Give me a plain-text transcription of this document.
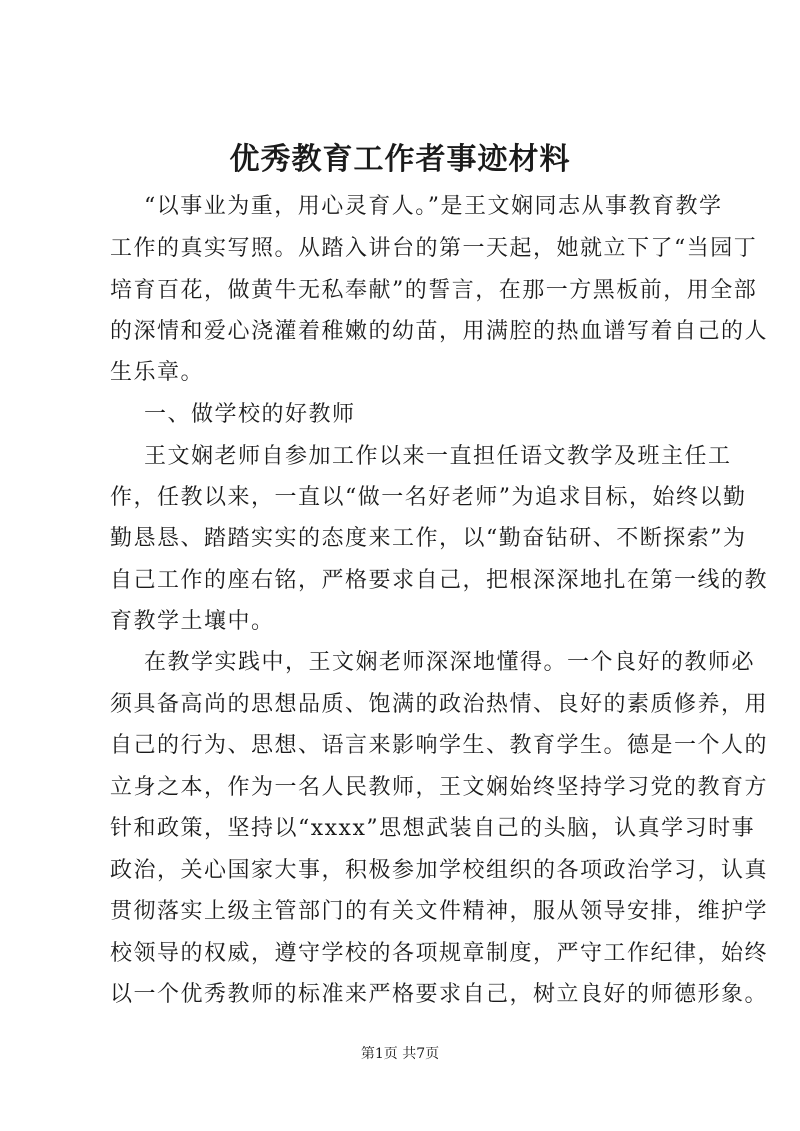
优秀教育工作者事迹材料
“以事业为重，用心灵育人。”是王文娴同志从事教育教学
工作的真实写照。从踏入讲台的第一天起，她就立下了“当园丁
培育百花，做黄牛无私奉献”的誓言，在那一方黑板前，用全部
的深情和爱心浇灌着稚嫩的幼苗，用满腔的热血谱写着自己的人
生乐章。
一、做学校的好教师
王文娴老师自参加工作以来一直担任语文教学及班主任工
作，任教以来，一直以“做一名好老师”为追求目标，始终以勤
勤恳恳、踏踏实实的态度来工作，以“勤奋钻研、不断探索”为
自己工作的座右铭，严格要求自己，把根深深地扎在第一线的教
育教学土壤中。
在教学实践中，王文娴老师深深地懂得。一个良好的教师必
须具备高尚的思想品质、饱满的政治热情、良好的素质修养，用
自己的行为、思想、语言来影响学生、教育学生。德是一个人的
立身之本，作为一名人民教师，王文娴始终坚持学习党的教育方
针和政策，坚持以“xxxx”思想武装自己的头脑，认真学习时事
政治，关心国家大事，积极参加学校组织的各项政治学习，认真
贯彻落实上级主管部门的有关文件精神，服从领导安排，维护学
校领导的权威，遵守学校的各项规章制度，严守工作纪律，始终
以一个优秀教师的标准来严格要求自己，树立良好的师德形象。
第1页 共7页
